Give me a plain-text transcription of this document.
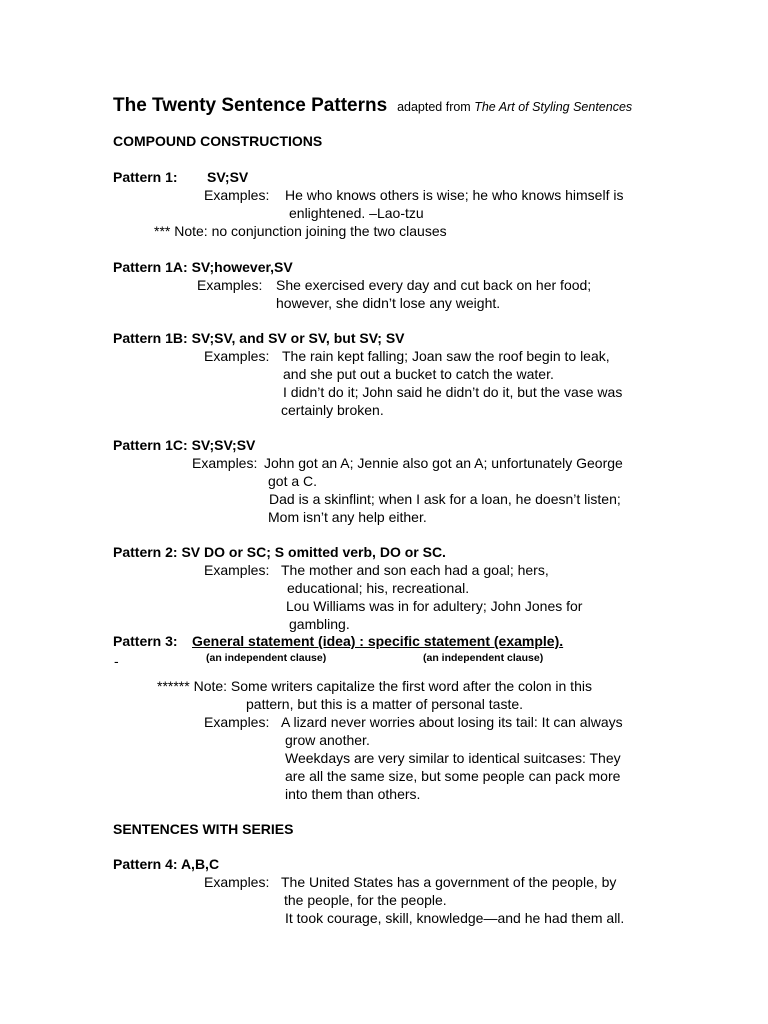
The Twenty Sentence Patterns adapted from The Art of Styling Sentences
COMPOUND CONSTRUCTIONS
Pattern 1: SV;SV
Examples: He who knows others is wise; he who knows himself is
enlightened. –Lao-tzu
*** Note: no conjunction joining the two clauses
Pattern 1A: SV;however,SV
Examples: She exercised every day and cut back on her food;
however, she didn’t lose any weight.
Pattern 1B: SV;SV, and SV or SV, but SV; SV
Examples: The rain kept falling; Joan saw the roof begin to leak,
and she put out a bucket to catch the water.
I didn’t do it; John said he didn’t do it, but the vase was
certainly broken.
Pattern 1C: SV;SV;SV
Examples: John got an A; Jennie also got an A; unfortunately George
got a C.
Dad is a skinflint; when I ask for a loan, he doesn’t listen;
Mom isn’t any help either.
Pattern 2: SV DO or SC; S omitted verb, DO or SC.
Examples: The mother and son each had a goal; hers,
educational; his, recreational.
Lou Williams was in for adultery; John Jones for
gambling.
Pattern 3: General statement (idea) : specific statement (example).
-	(an independent clause)	(an independent clause)
****** Note: Some writers capitalize the first word after the colon in this
pattern, but this is a matter of personal taste.
Examples: A lizard never worries about losing its tail: It can always
grow another.
Weekdays are very similar to identical suitcases: They
are all the same size, but some people can pack more
into them than others.
SENTENCES WITH SERIES
Pattern 4: A,B,C
Examples: The United States has a government of the people, by
the people, for the people.
It took courage, skill, knowledge—and he had them all.
